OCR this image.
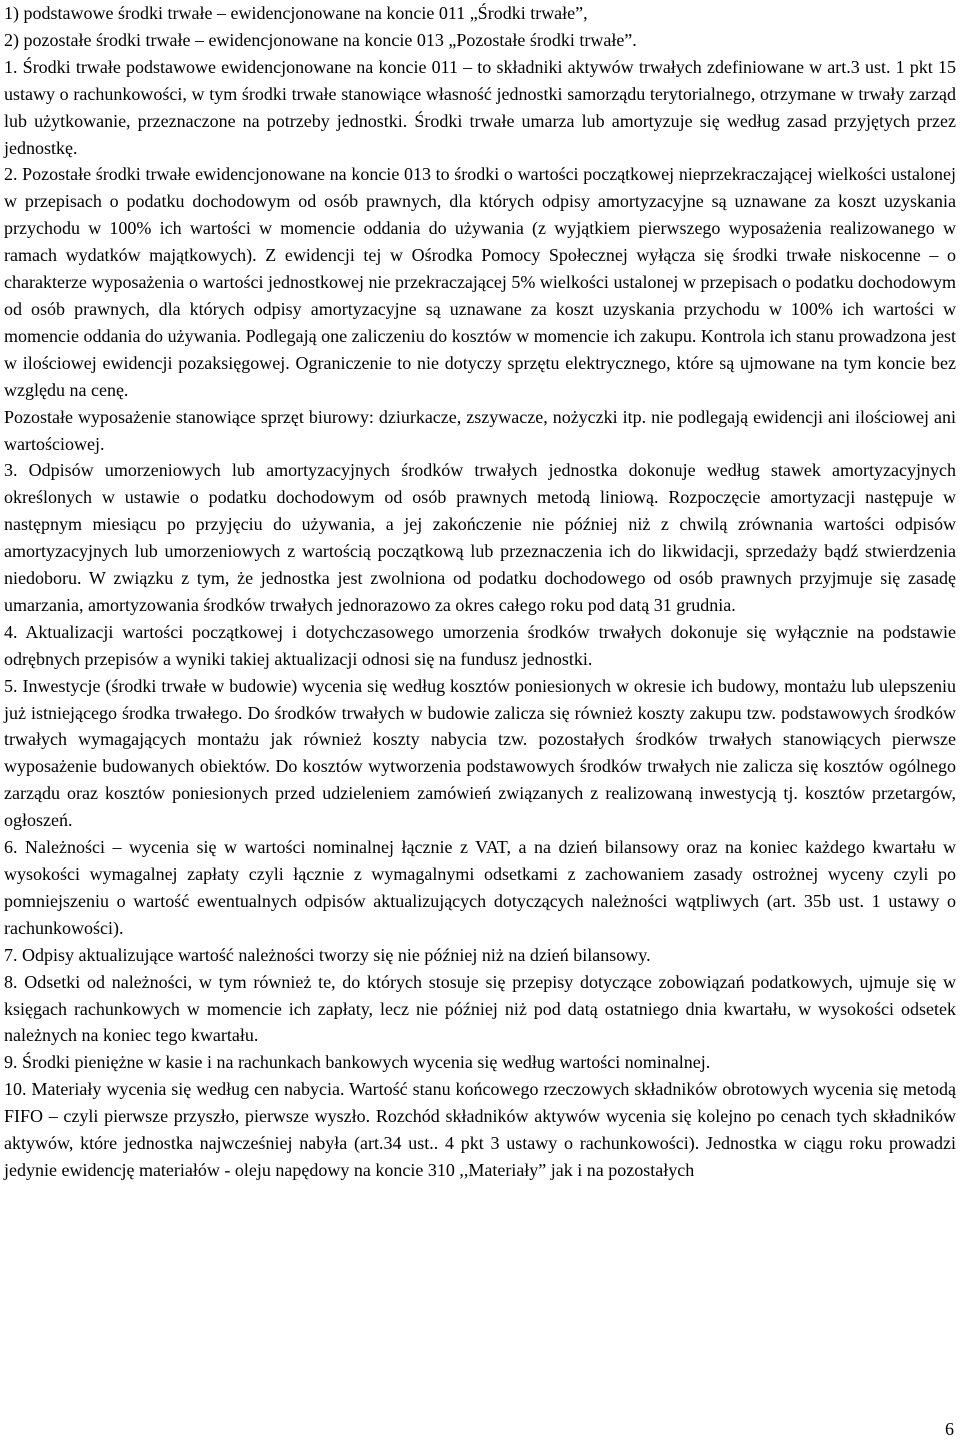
1) podstawowe środki trwałe – ewidencjonowane na koncie 011 „Środki trwałe”,

2) pozostałe środki trwałe – ewidencjonowane na koncie 013 „Pozostałe środki trwałe”.

1. Środki trwałe podstawowe ewidencjonowane na koncie 011 – to składniki aktywów trwałych zdefiniowane w art.3 ust. 1 pkt 15 ustawy o rachunkowości, w tym środki trwałe stanowiące własność jednostki samorządu terytorialnego, otrzymane w trwały zarząd lub użytkowanie, przeznaczone na potrzeby jednostki. Środki trwałe umarza lub amortyzuje się według zasad przyjętych przez jednostkę.

2. Pozostałe środki trwałe ewidencjonowane na koncie 013 to środki o wartości początkowej nieprzekraczającej wielkości ustalonej w przepisach o podatku dochodowym od osób prawnych, dla których odpisy amortyzacyjne są uznawane za koszt uzyskania przychodu w 100% ich wartości w momencie oddania do używania (z wyjątkiem pierwszego wyposażenia realizowanego w ramach wydatków majątkowych). Z ewidencji tej w Ośrodka Pomocy Społecznej wyłącza się środki trwałe niskocenne – o charakterze wyposażenia o wartości jednostkowej nie przekraczającej 5% wielkości ustalonej w przepisach o podatku dochodowym od osób prawnych, dla których odpisy amortyzacyjne są uznawane za koszt uzyskania przychodu w 100% ich wartości w momencie oddania do używania. Podlegają one zaliczeniu do kosztów w momencie ich zakupu. Kontrola ich stanu prowadzona jest w ilościowej ewidencji pozaksięgowej. Ograniczenie to nie dotyczy sprzętu elektrycznego, które są ujmowane na tym koncie bez względu na cenę.

Pozostałe wyposażenie stanowiące sprzęt biurowy: dziurkacze, zszywacze, nożyczki itp. nie podlegają ewidencji ani ilościowej ani wartościowej.

3. Odpisów umorzeniowych lub amortyzacyjnych środków trwałych jednostka dokonuje według stawek amortyzacyjnych określonych w ustawie o podatku dochodowym od osób prawnych metodą liniową. Rozpoczęcie amortyzacji następuje w następnym miesiącu po przyjęciu do używania, a jej zakończenie nie później niż z chwilą zrównania wartości odpisów amortyzacyjnych lub umorzeniowych z wartością początkową lub przeznaczenia ich do likwidacji, sprzedaży bądź stwierdzenia niedoboru. W związku z tym, że jednostka jest zwolniona od podatku dochodowego od osób prawnych przyjmuje się zasadę umarzania, amortyzowania środków trwałych jednorazowo za okres całego roku pod datą 31 grudnia.

4. Aktualizacji wartości początkowej i dotychczasowego umorzenia środków trwałych dokonuje się wyłącznie na podstawie odrębnych przepisów a wyniki takiej aktualizacji odnosi się na fundusz jednostki.

5. Inwestycje (środki trwałe w budowie) wycenia się według kosztów poniesionych w okresie ich budowy, montażu lub ulepszeniu już istniejącego środka trwałego. Do środków trwałych w budowie zalicza się również koszty zakupu tzw. podstawowych środków trwałych wymagających montażu jak również koszty nabycia tzw. pozostałych środków trwałych stanowiących pierwsze wyposażenie budowanych obiektów. Do kosztów wytworzenia podstawowych środków trwałych nie zalicza się kosztów ogólnego zarządu oraz kosztów poniesionych przed udzieleniem zamówień związanych z realizowaną inwestycją tj. kosztów przetargów, ogłoszeń.

6. Należności – wycenia się w wartości nominalnej łącznie z VAT, a na dzień bilansowy oraz na koniec każdego kwartału w wysokości wymagalnej zapłaty czyli łącznie z wymagalnymi odsetkami z zachowaniem zasady ostrożnej wyceny czyli po pomniejszeniu o wartość ewentualnych odpisów aktualizujących dotyczących należności wątpliwych (art. 35b ust. 1 ustawy o rachunkowości).

7. Odpisy aktualizujące wartość należności tworzy się nie później niż na dzień bilansowy.

8. Odsetki od należności, w tym również te, do których stosuje się przepisy dotyczące zobowiązań podatkowych, ujmuje się w księgach rachunkowych w momencie ich zapłaty, lecz nie później niż pod datą ostatniego dnia kwartału, w wysokości odsetek należnych na koniec tego kwartału.

9. Środki pieniężne w kasie i na rachunkach bankowych wycenia się według wartości nominalnej.

10. Materiały wycenia się według cen nabycia. Wartość stanu końcowego rzeczowych składników obrotowych wycenia się metodą FIFO – czyli pierwsze przyszło, pierwsze wyszło. Rozchód składników aktywów wycenia się kolejno po cenach tych składników aktywów, które jednostka najwcześniej nabyła (art.34 ust.. 4 pkt 3 ustawy o rachunkowości). Jednostka w ciągu roku prowadzi jedynie ewidencję materiałów - oleju napędowy na koncie 310 ,,Materiały” jak i na pozostałych

6
